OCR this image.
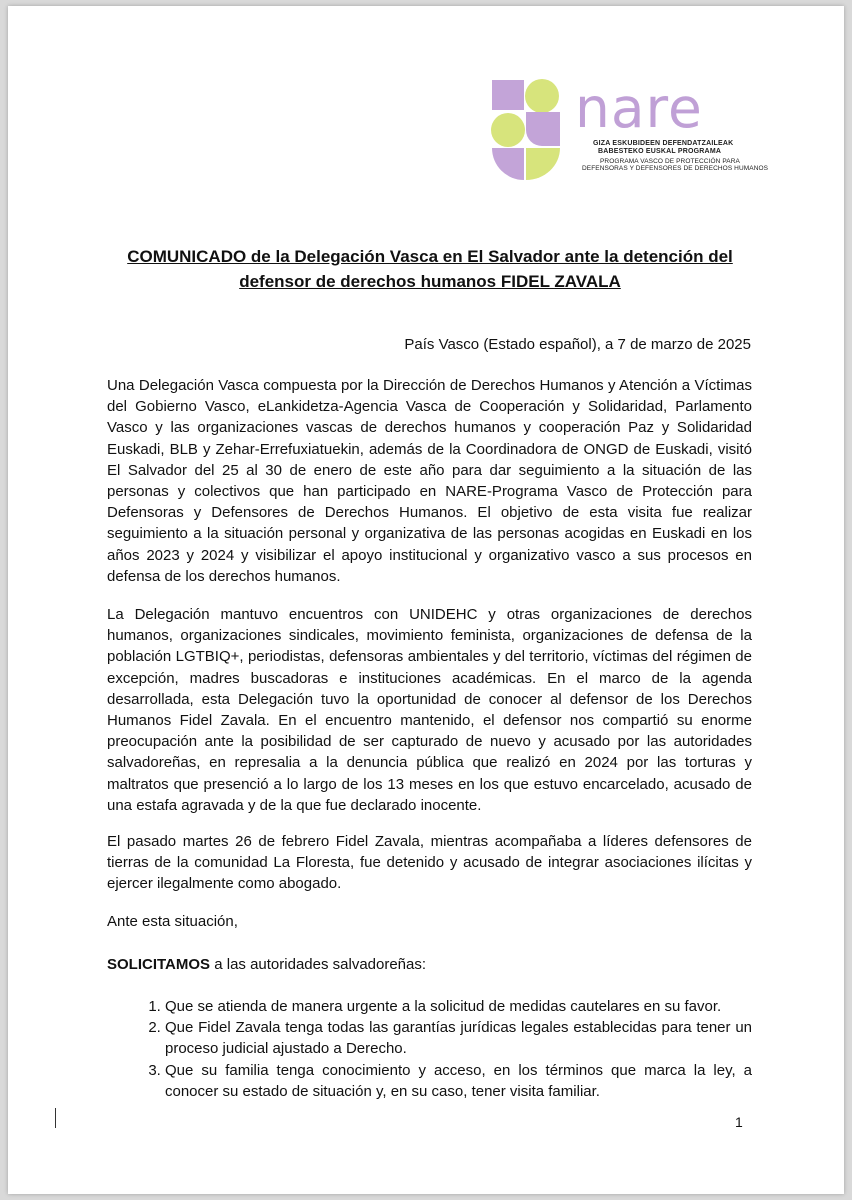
nare
GIZA ESKUBIDEEN DEFENDATZAILEAK
BABESTEKO EUSKAL PROGRAMA
PROGRAMA VASCO DE PROTECCIÓN PARA
DEFENSORAS Y DEFENSORES DE DERECHOS HUMANOS
COMUNICADO de la Delegación Vasca en El Salvador ante la detención del defensor de derechos humanos FIDEL ZAVALA
País Vasco (Estado español), a 7 de marzo de 2025

Una Delegación Vasca compuesta por la Dirección de Derechos Humanos y Atención a Víctimas del Gobierno Vasco, eLankidetza-Agencia Vasca de Cooperación y Solidaridad, Parlamento Vasco y las organizaciones vascas de derechos humanos y cooperación Paz y Solidaridad Euskadi, BLB y Zehar-Errefuxiatuekin, además de la Coordinadora de ONGD de Euskadi, visitó El Salvador del 25 al 30 de enero de este año para dar seguimiento a la situación de las personas y colectivos que han participado en NARE-Programa Vasco de Protección para Defensoras y Defensores de Derechos Humanos. El objetivo de esta visita fue realizar seguimiento a la situación personal y organizativa de las personas acogidas en Euskadi en los años 2023 y 2024 y visibilizar el apoyo institucional y organizativo vasco a sus procesos en defensa de los derechos humanos.

La Delegación mantuvo encuentros con UNIDEHC y otras organizaciones de derechos humanos, organizaciones sindicales, movimiento feminista, organizaciones de defensa de la población LGTBIQ+, periodistas, defensoras ambientales y del territorio, víctimas del régimen de excepción, madres buscadoras e instituciones académicas. En el marco de la agenda desarrollada, esta Delegación tuvo la oportunidad de conocer al defensor de los Derechos Humanos Fidel Zavala. En el encuentro mantenido, el defensor nos compartió su enorme preocupación ante la posibilidad de ser capturado de nuevo y acusado por las autoridades salvadoreñas, en represalia a la denuncia pública que realizó en 2024 por las torturas y maltratos que presenció a lo largo de los 13 meses en los que estuvo encarcelado, acusado de una estafa agravada y de la que fue declarado inocente.

El pasado martes 26 de febrero Fidel Zavala, mientras acompañaba a líderes defensores de tierras de la comunidad La Floresta, fue detenido y acusado de integrar asociaciones ilícitas y ejercer ilegalmente como abogado.

Ante esta situación,

SOLICITAMOS a las autoridades salvadoreñas:

1. Que se atienda de manera urgente a la solicitud de medidas cautelares en su favor.
2. Que Fidel Zavala tenga todas las garantías jurídicas legales establecidas para tener un proceso judicial ajustado a Derecho.
3. Que su familia tenga conocimiento y acceso, en los términos que marca la ley, a conocer su estado de situación y, en su caso, tener visita familiar.
1
